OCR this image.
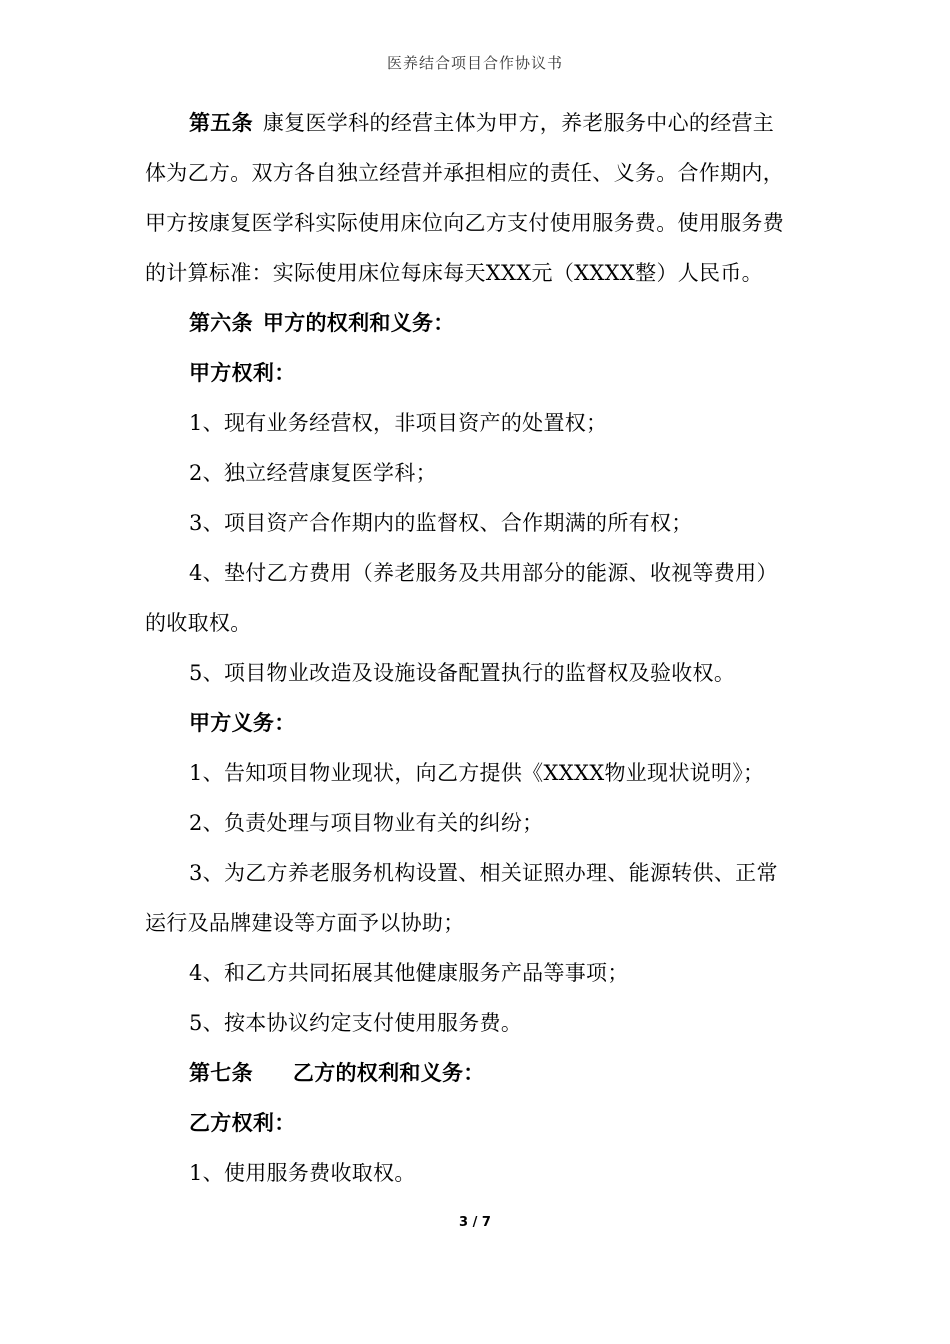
医养结合项目合作协议书
第五条 康复医学科的经营主体为甲方，养老服务中心的经营主
体为乙方。双方各自独立经营并承担相应的责任、义务。合作期内，
甲方按康复医学科实际使用床位向乙方支付使用服务费。使用服务费
的计算标准：实际使用床位每床每天XXX元（XXXX整）人民币。
第六条 甲方的权利和义务：
甲方权利：
1、现有业务经营权，非项目资产的处置权；
2、独立经营康复医学科；
3、项目资产合作期内的监督权、合作期满的所有权；
4、垫付乙方费用（养老服务及共用部分的能源、收视等费用）
的收取权。
5、项目物业改造及设施设备配置执行的监督权及验收权。
甲方义务：
1、告知项目物业现状，向乙方提供《XXXX物业现状说明》；
2、负责处理与项目物业有关的纠纷；
3、为乙方养老服务机构设置、相关证照办理、能源转供、正常
运行及品牌建设等方面予以协助；
4、和乙方共同拓展其他健康服务产品等事项；
5、按本协议约定支付使用服务费。
第七条 乙方的权利和义务：
乙方权利：
1、使用服务费收取权。
3 / 7
